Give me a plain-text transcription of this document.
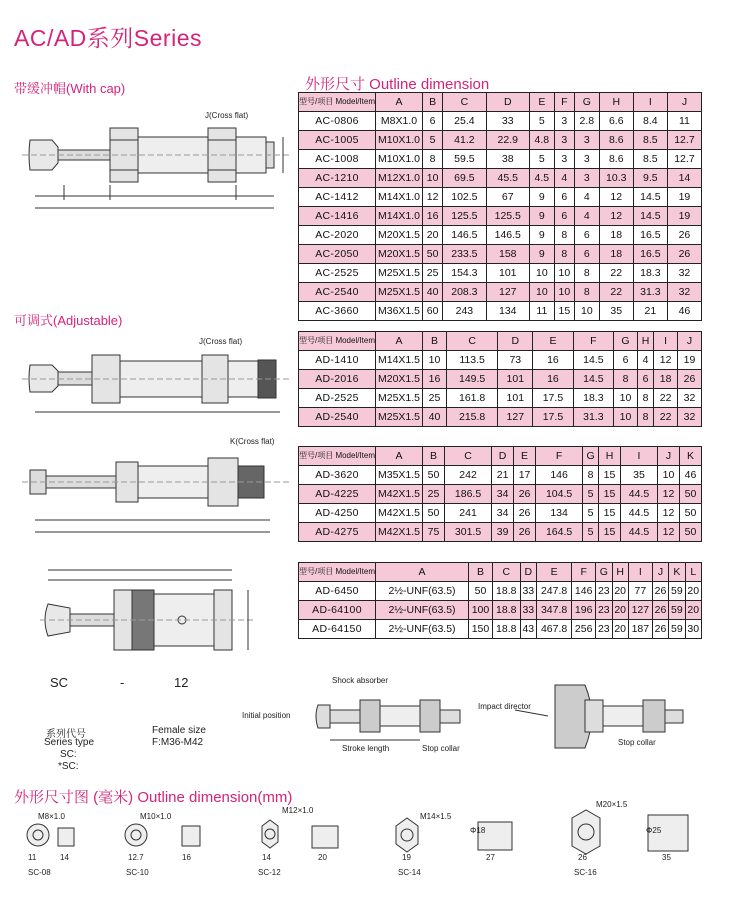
AC/AD系列Series
带缓冲帽(With cap)	外形尺寸 Outline dimension
可调式(Adjustable)
外形尺寸图 (毫米) Outline dimension(mm)
型号/项目 Model/Item	A	B	C	D	E	F	G	H	I	J
AC-0806	M8X1.0	6	25.4	33	5	3	2.8	6.6	8.4	11
AC-1005	M10X1.0	5	41.2	22.9	4.8	3	3	8.6	8.5	12.7
AC-1008	M10X1.0	8	59.5	38	5	3	3	8.6	8.5	12.7
AC-1210	M12X1.0	10	69.5	45.5	4.5	4	3	10.3	9.5	14
AC-1412	M14X1.0	12	102.5	67	9	6	4	12	14.5	19
AC-1416	M14X1.0	16	125.5	125.5	9	6	4	12	14.5	19
AC-2020	M20X1.5	20	146.5	146.5	9	8	6	18	16.5	26
AC-2050	M20X1.5	50	233.5	158	9	8	6	18	16.5	26
AC-2525	M25X1.5	25	154.3	101	10	10	8	22	18.3	32
AC-2540	M25X1.5	40	208.3	127	10	10	8	22	31.3	32
AC-3660	M36X1.5	60	243	134	11	15	10	35	21	46
型号/项目 Model/Item	A	B	C	D	E	F	G	H	I	J
AD-1410	M14X1.5	10	113.5	73	16	14.5	6	4	12	19
AD-2016	M20X1.5	16	149.5	101	16	14.5	8	6	18	26
AD-2525	M25X1.5	25	161.8	101	17.5	18.3	10	8	22	32
AD-2540	M25X1.5	40	215.8	127	17.5	31.3	10	8	22	32
型号/项目 Model/Item	A	B	C	D	E	F	G	H	I	J	K
AD-3620	M35X1.5	50	242	21	17	146	8	15	35	10	46
AD-4225	M42X1.5	25	186.5	34	26	104.5	5	15	44.5	12	50
AD-4250	M42X1.5	50	241	34	26	134	5	15	44.5	12	50
AD-4275	M42X1.5	75	301.5	39	26	164.5	5	15	44.5	12	50
型号/项目 Model/Item	A	B	C	D	E	F	G	H	I	J	K	L
AD-6450	2½-UNF(63.5)	50	18.8	33	247.8	146	23	20	77	26	59	20
AD-64100	2½-UNF(63.5)	100	18.8	33	347.8	196	23	20	127	26	59	20
AD-64150	2½-UNF(63.5)	150	18.8	43	467.8	256	23	20	187	26	59	30
J(Cross flat)
J(Cross flat)
K(Cross flat)
SC	-	12
系列代号
Series type
SC:
*SC:
Female size
F:M36-M42
Shock absorber
Initial position
Stroke length	Stop collar
Impact director
Stop collar
M8×1.0
SC-08
11	14
M10×1.0
SC-10
12.7	16
M12×1.0
SC-12
14	20
M14×1.5
SC-14
19	27
Φ18
M20×1.5
SC-16
26	35
Φ25
